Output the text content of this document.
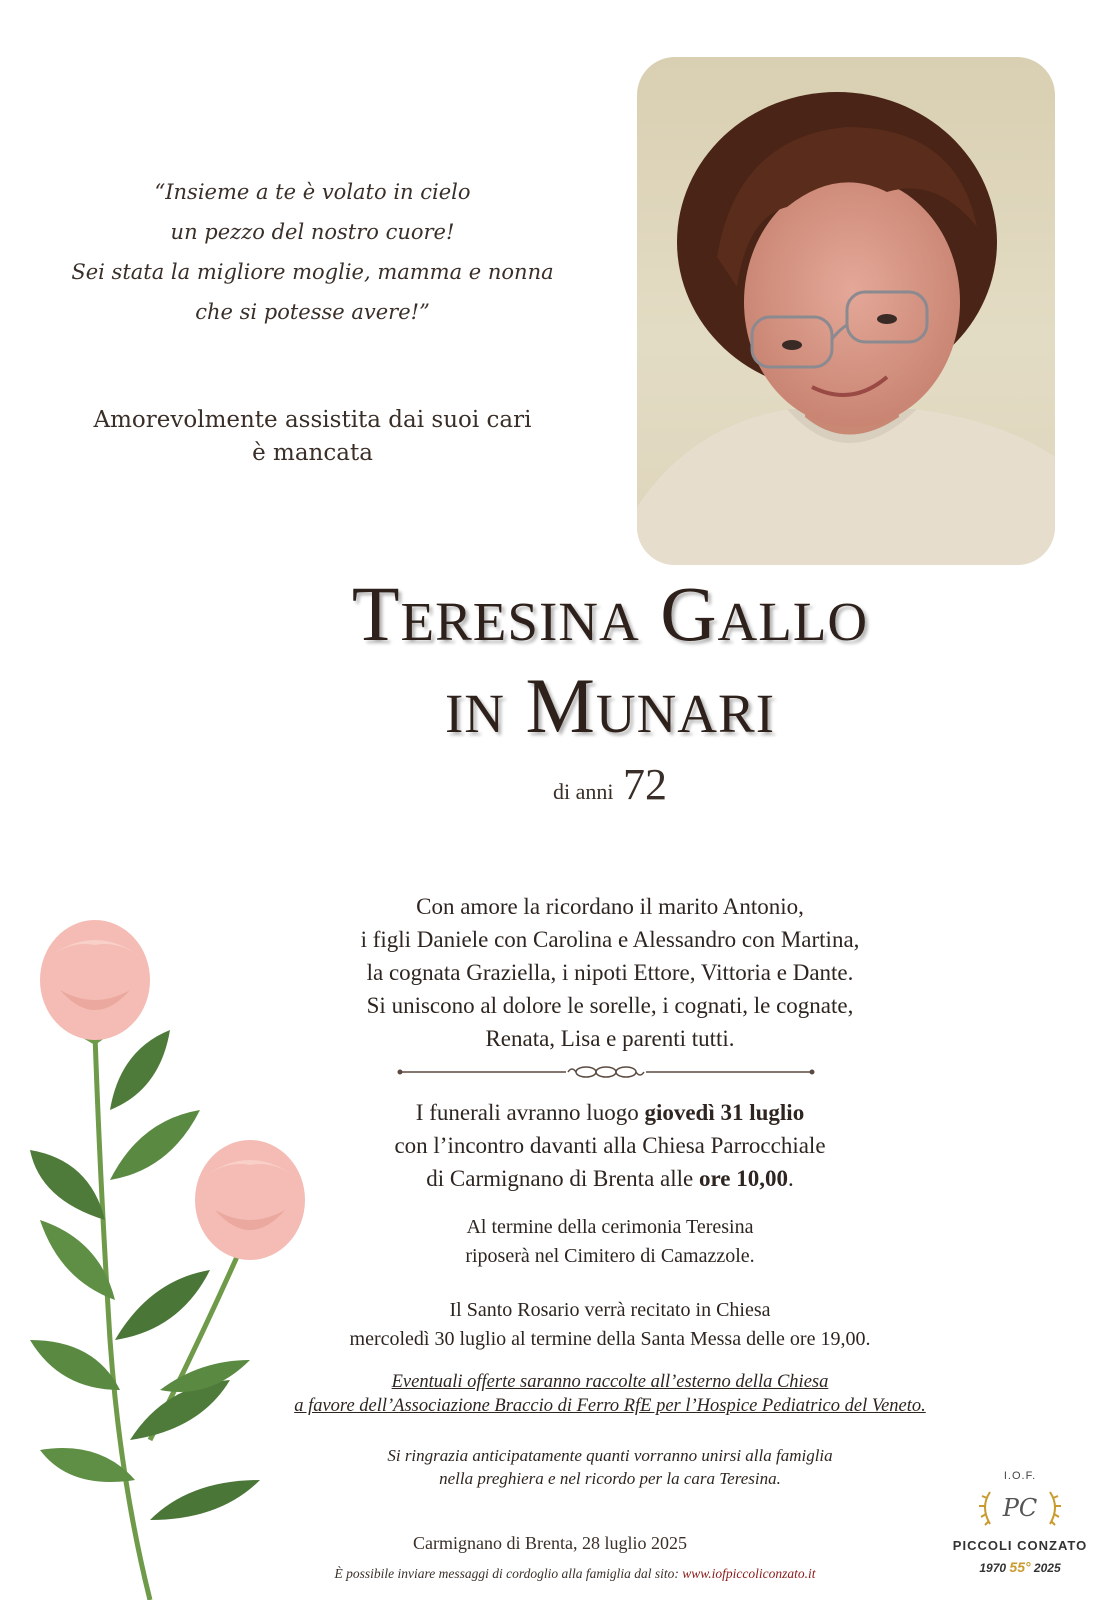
“Insieme a te è volato in cielo
un pezzo del nostro cuore!
Sei stata la migliore moglie, mamma e nonna
che si potesse avere!”
Amorevolmente assistita dai suoi cari
è mancata
Teresina Gallo
in Munari
di anni 72
Con amore la ricordano il marito Antonio,
i figli Daniele con Carolina e Alessandro con Martina,
la cognata Graziella, i nipoti Ettore, Vittoria e Dante.
Si uniscono al dolore le sorelle, i cognati, le cognate,
Renata, Lisa e parenti tutti.
I funerali avranno luogo giovedì 31 luglio
con l’incontro davanti alla Chiesa Parrocchiale
di Carmignano di Brenta alle ore 10,00.
Al termine della cerimonia Teresina
riposerà nel Cimitero di Camazzole.
Il Santo Rosario verrà recitato in Chiesa
mercoledì 30 luglio al termine della Santa Messa delle ore 19,00.
Eventuali offerte saranno raccolte all’esterno della Chiesa
a favore dell’Associazione Braccio di Ferro RfE per l’Hospice Pediatrico del Veneto.
Si ringrazia anticipatamente quanti vorranno unirsi alla famiglia
nella preghiera e nel ricordo per la cara Teresina.
Carmignano di Brenta, 28 luglio 2025
È possibile inviare messaggi di cordoglio alla famiglia dal sito: www.iofpiccoliconzato.it
I.O.F.
PC
PICCOLI CONZATO
1970 55° 2025
